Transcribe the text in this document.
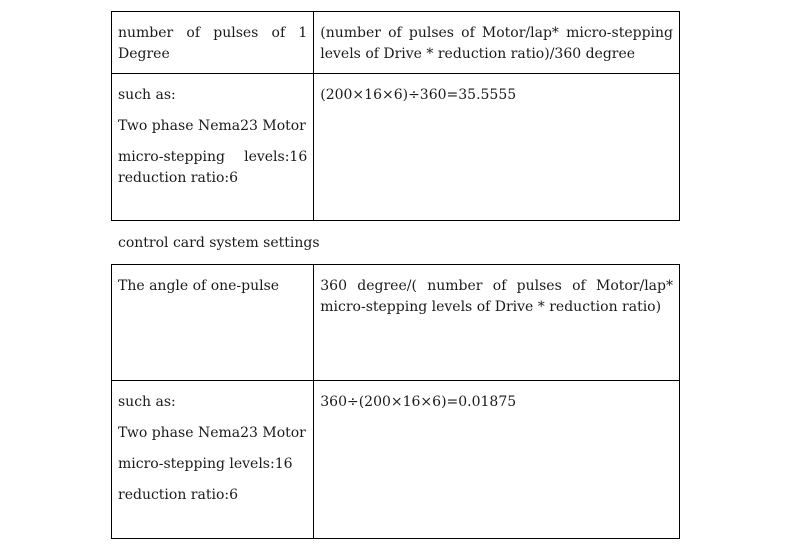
number of pulses of 1 Degree	(number of pulses of Motor/lap* micro-stepping levels of Drive * reduction ratio)/360 degree

such as:

Two phase Nema23 Motor

micro-stepping levels:16 reduction ratio:6	(200×16×6)÷360=35.5555

control card system settings

The angle of one-pulse	360 degree/( number of pulses of Motor/lap* micro-stepping levels of Drive * reduction ratio)

such as:

Two phase Nema23 Motor

micro-stepping levels:16

reduction ratio:6	360÷(200×16×6)=0.01875
